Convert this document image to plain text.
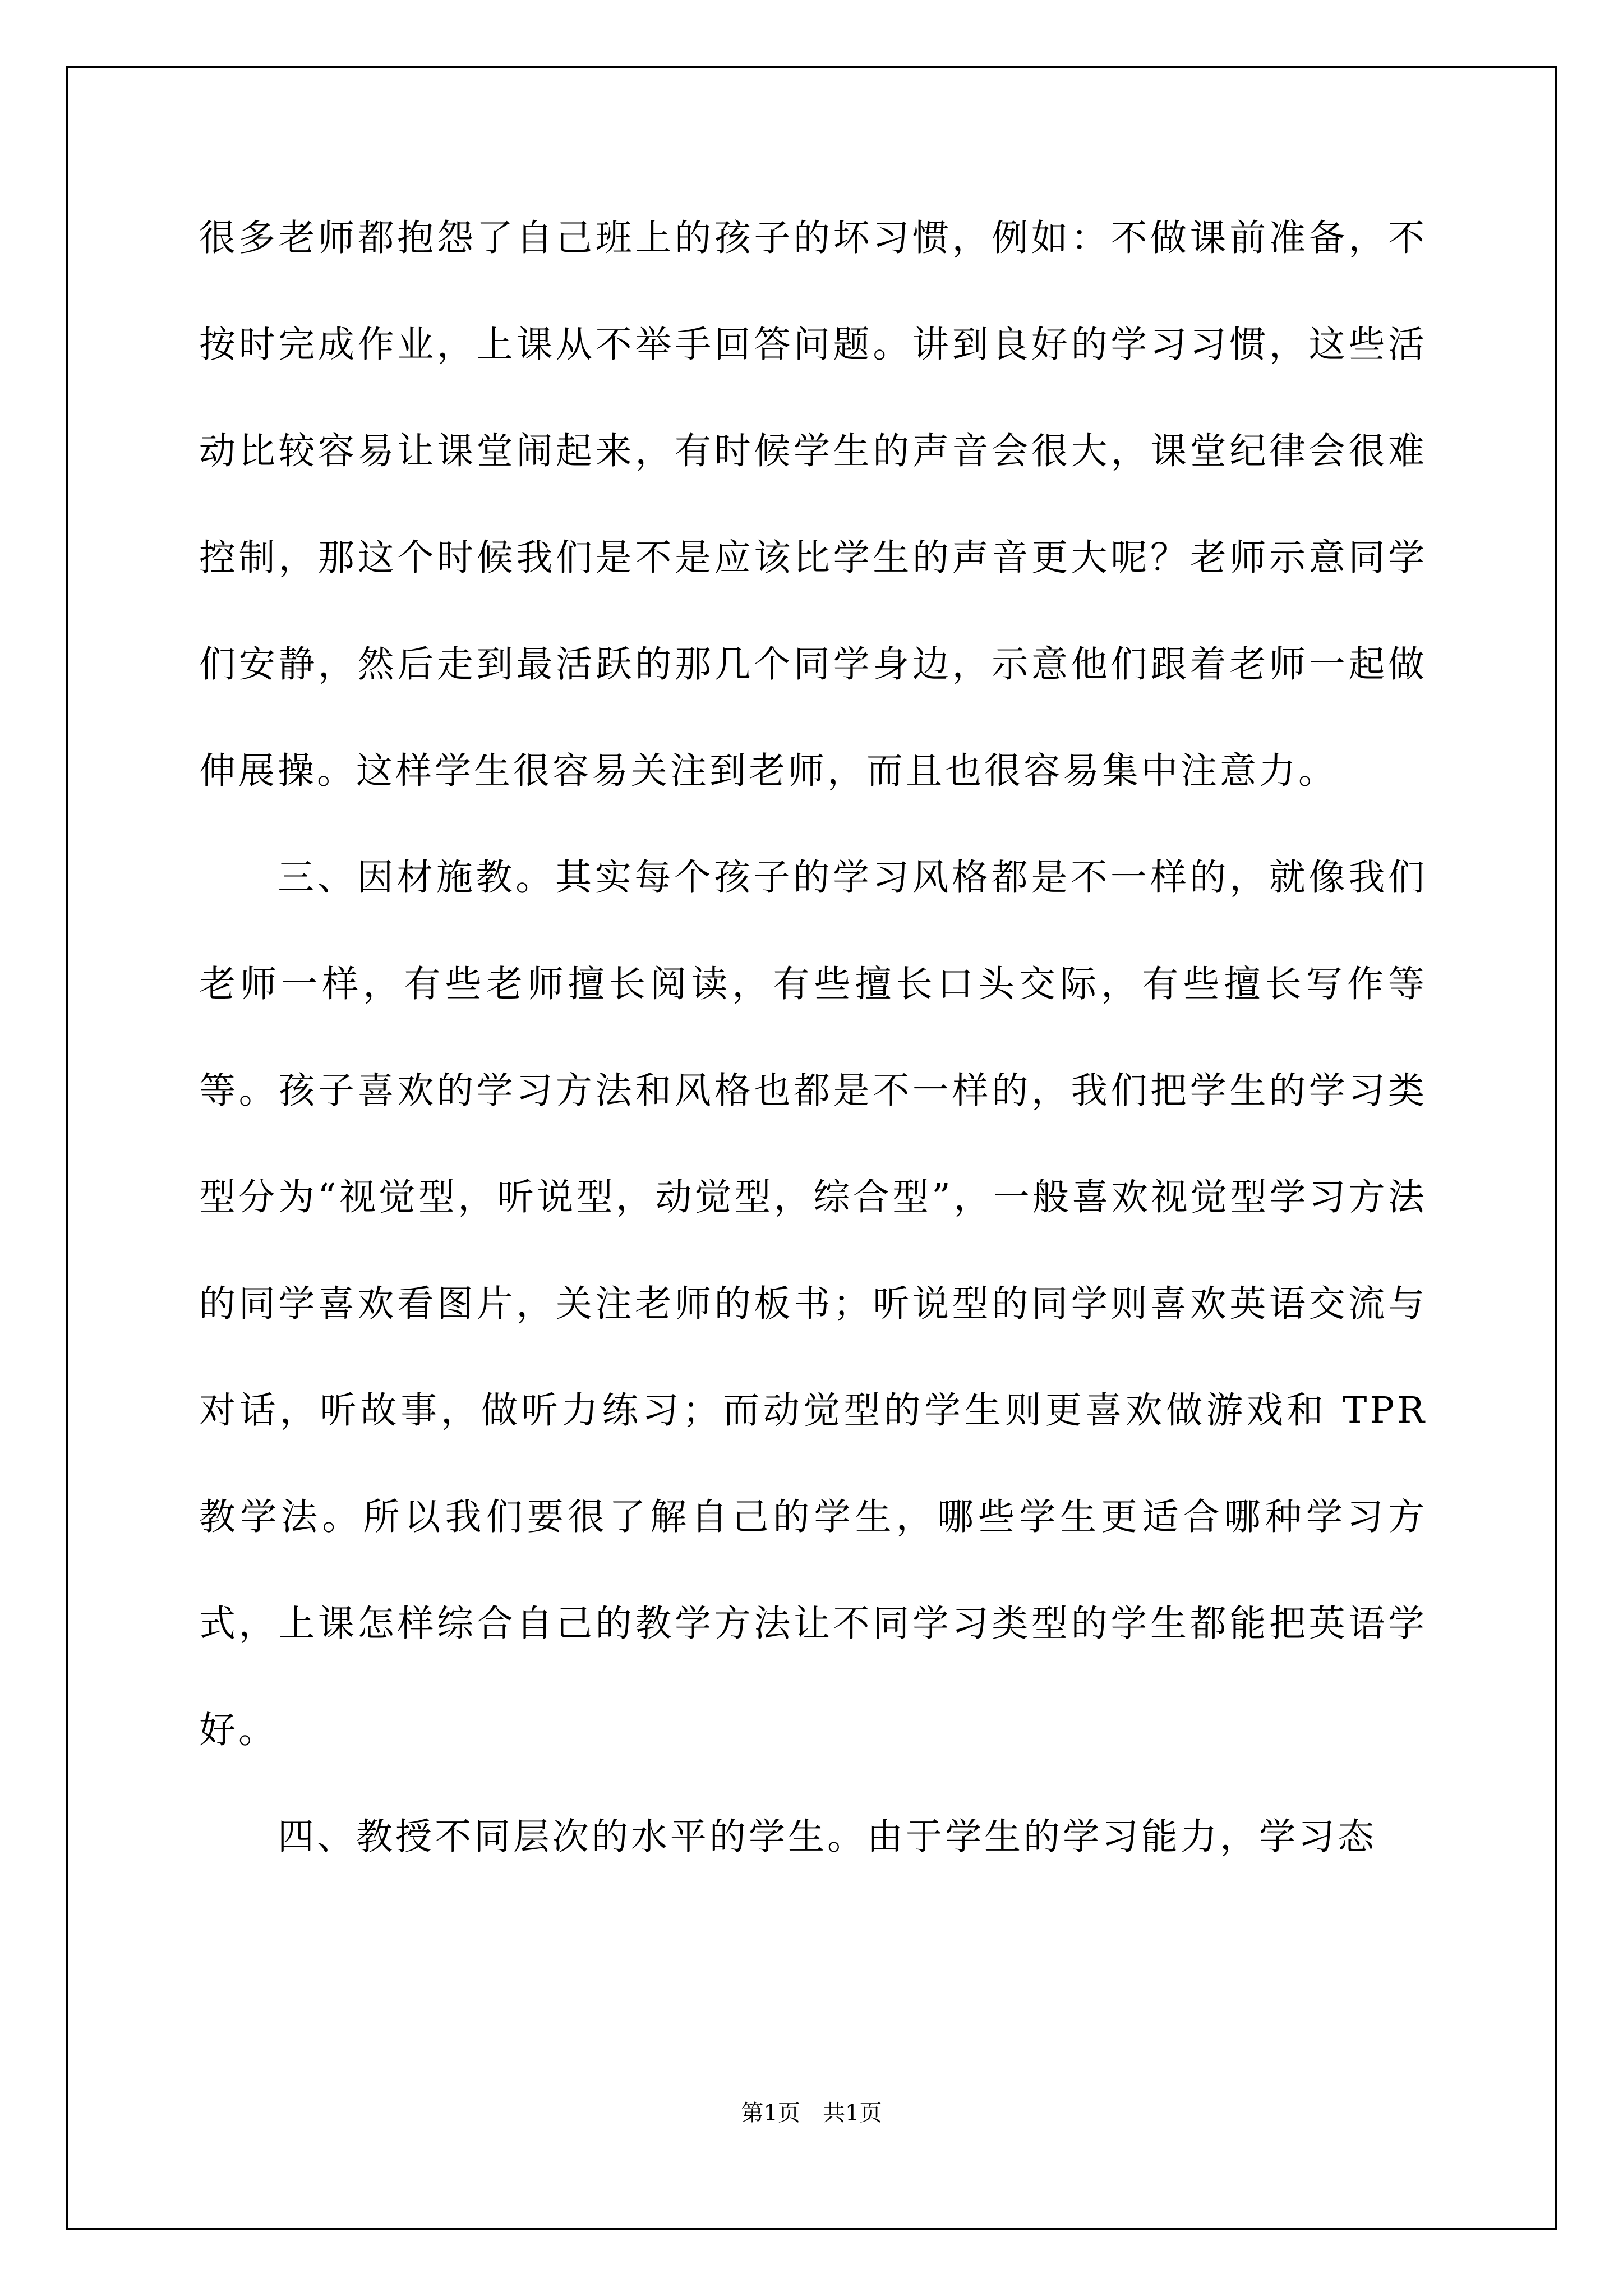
很多老师都抱怨了自己班上的孩子的坏习惯，例如：不做课前准备，不按时完成作业，上课从不举手回答问题。讲到良好的学习习惯，这些活动比较容易让课堂闹起来，有时候学生的声音会很大，课堂纪律会很难控制，那这个时候我们是不是应该比学生的声音更大呢？老师示意同学们安静，然后走到最活跃的那几个同学身边，示意他们跟着老师一起做伸展操。这样学生很容易关注到老师，而且也很容易集中注意力。

三、因材施教。其实每个孩子的学习风格都是不一样的，就像我们老师一样，有些老师擅长阅读，有些擅长口头交际，有些擅长写作等等。孩子喜欢的学习方法和风格也都是不一样的，我们把学生的学习类型分为“视觉型，听说型，动觉型，综合型”，一般喜欢视觉型学习方法的同学喜欢看图片，关注老师的板书；听说型的同学则喜欢英语交流与对话，听故事，做听力练习；而动觉型的学生则更喜欢做游戏和 TPR 教学法。所以我们要很了解自己的学生，哪些学生更适合哪种学习方式，上课怎样综合自己的教学方法让不同学习类型的学生都能把英语学好。

四、教授不同层次的水平的学生。由于学生的学习能力，学习态

第1页　共1页
